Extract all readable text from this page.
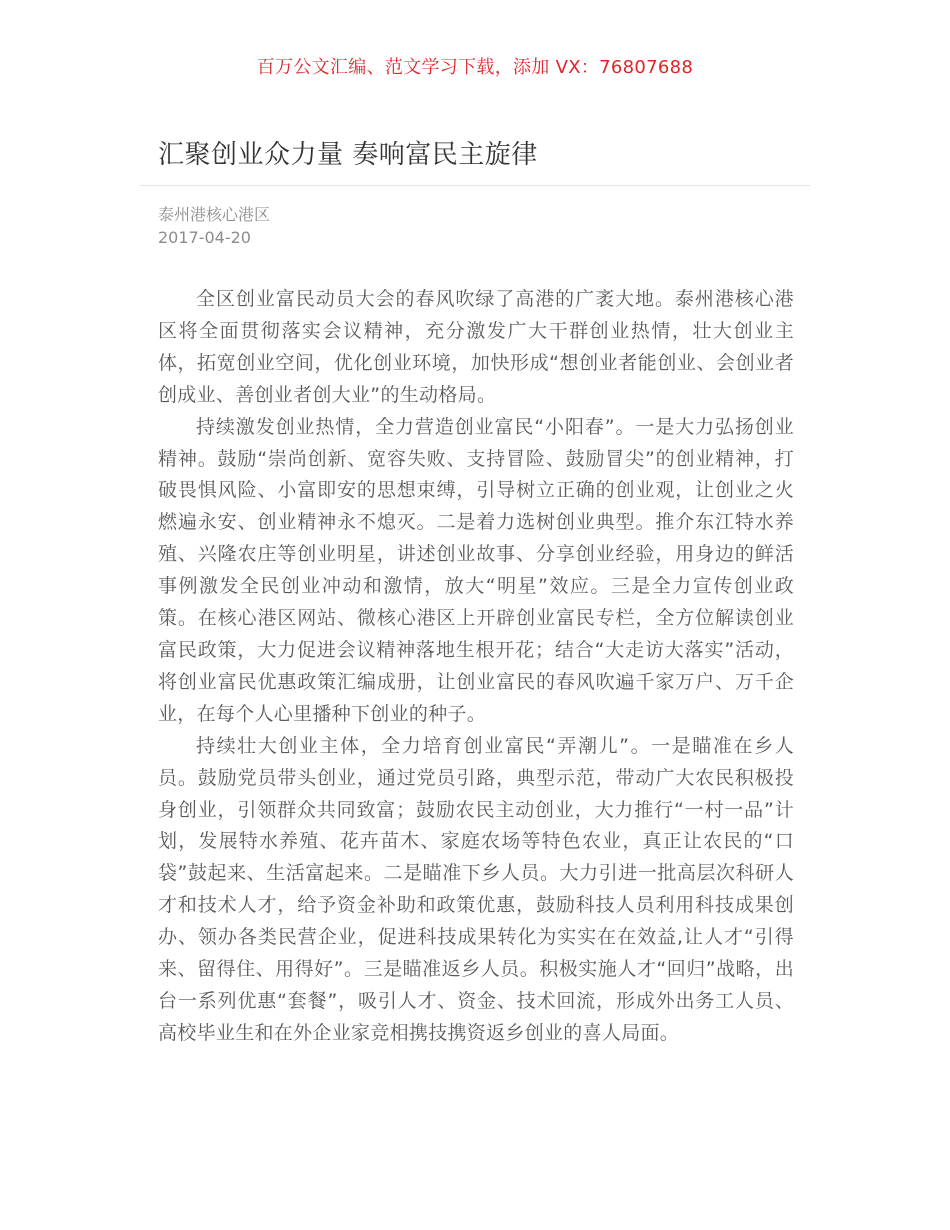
百万公文汇编、范文学习下载，添加 VX：76807688
汇聚创业众力量 奏响富民主旋律
泰州港核心港区
2017-04-20

全区创业富民动员大会的春风吹绿了高港的广袤大地。泰州港核心港区将全面贯彻落实会议精神，充分激发广大干群创业热情，壮大创业主体，拓宽创业空间，优化创业环境，加快形成“想创业者能创业、会创业者创成业、善创业者创大业”的生动格局。

持续激发创业热情，全力营造创业富民“小阳春”。一是大力弘扬创业精神。鼓励“崇尚创新、宽容失败、支持冒险、鼓励冒尖”的创业精神，打破畏惧风险、小富即安的思想束缚，引导树立正确的创业观，让创业之火燃遍永安、创业精神永不熄灭。二是着力选树创业典型。推介东江特水养殖、兴隆农庄等创业明星，讲述创业故事、分享创业经验，用身边的鲜活事例激发全民创业冲动和激情，放大“明星”效应。三是全力宣传创业政策。在核心港区网站、微核心港区上开辟创业富民专栏，全方位解读创业富民政策，大力促进会议精神落地生根开花；结合“大走访大落实”活动，将创业富民优惠政策汇编成册，让创业富民的春风吹遍千家万户、万千企业，在每个人心里播种下创业的种子。

持续壮大创业主体，全力培育创业富民“弄潮儿”。一是瞄准在乡人员。鼓励党员带头创业，通过党员引路，典型示范，带动广大农民积极投身创业，引领群众共同致富；鼓励农民主动创业，大力推行“一村一品”计划，发展特水养殖、花卉苗木、家庭农场等特色农业，真正让农民的“口袋”鼓起来、生活富起来。二是瞄准下乡人员。大力引进一批高层次科研人才和技术人才，给予资金补助和政策优惠，鼓励科技人员利用科技成果创办、领办各类民营企业，促进科技成果转化为实实在在效益,让人才“引得来、留得住、用得好”。三是瞄准返乡人员。积极实施人才“回归”战略，出台一系列优惠“套餐”，吸引人才、资金、技术回流，形成外出务工人员、高校毕业生和在外企业家竞相携技携资返乡创业的喜人局面。
